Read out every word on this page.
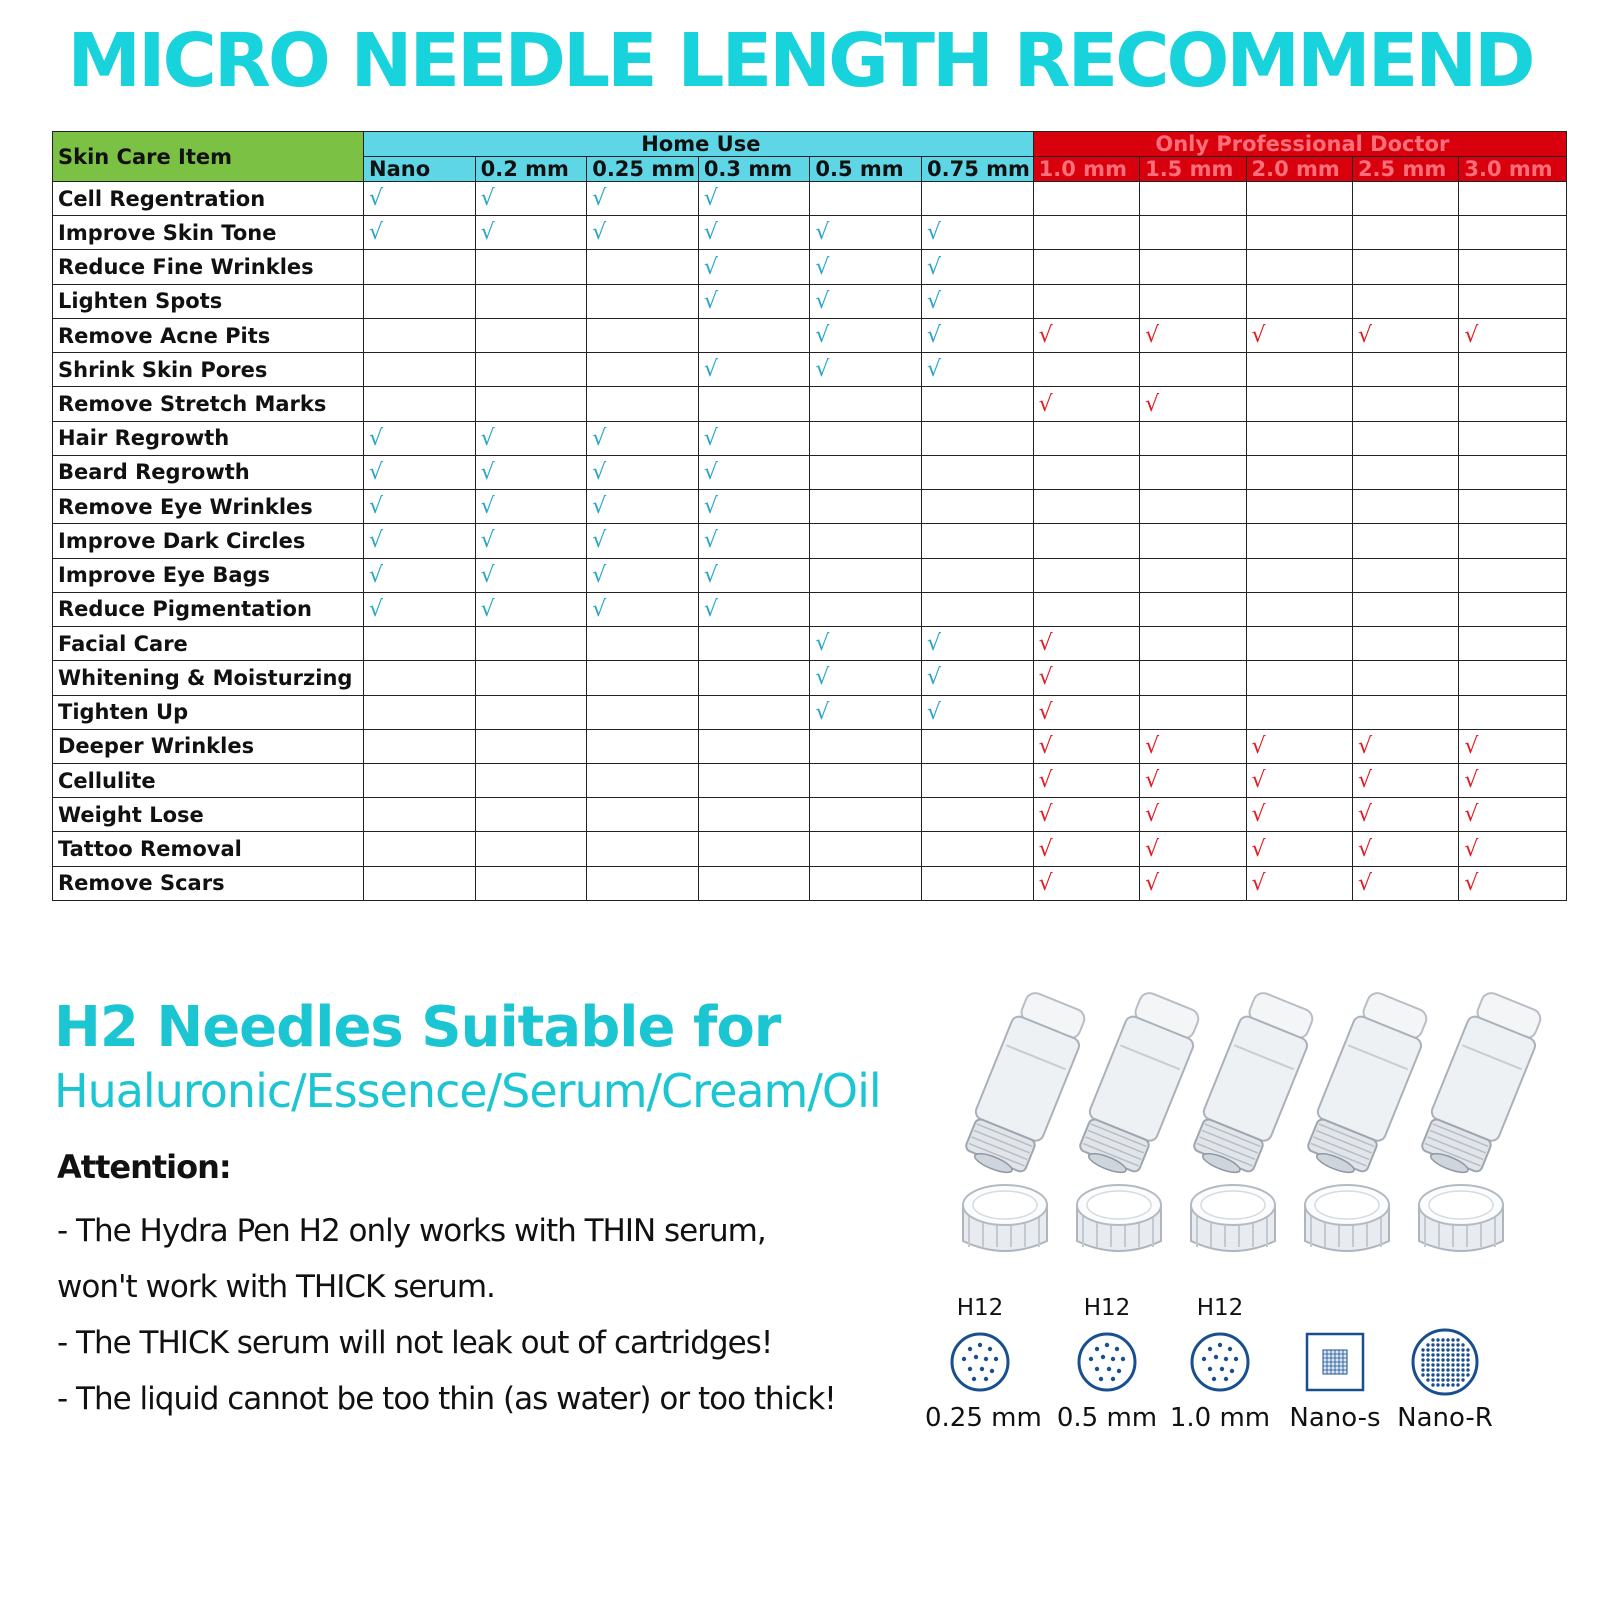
MICRO NEEDLE LENGTH RECOMMEND
Skin Care Item	Home Use						Only Professional Doctor				
	Nano	0.2 mm	0.25 mm	0.3 mm	0.5 mm	0.75 mm	1.0 mm	1.5 mm	2.0 mm	2.5 mm	3.0 mm
Cell Regentration	√	√	√	√							
Improve Skin Tone	√	√	√	√	√	√					
Reduce Fine Wrinkles				√	√	√					
Lighten Spots				√	√	√					
Remove Acne Pits					√	√	√	√	√	√	√
Shrink Skin Pores				√	√	√					
Remove Stretch Marks							√	√			
Hair Regrowth	√	√	√	√							
Beard Regrowth	√	√	√	√							
Remove Eye Wrinkles	√	√	√	√							
Improve Dark Circles	√	√	√	√							
Improve Eye Bags	√	√	√	√							
Reduce Pigmentation	√	√	√	√							
Facial Care					√	√	√				
Whitening & Moisturzing					√	√	√				
Tighten Up					√	√	√				
Deeper Wrinkles							√	√	√	√	√
Cellulite							√	√	√	√	√
Weight Lose							√	√	√	√	√
Tattoo Removal							√	√	√	√	√
Remove Scars							√	√	√	√	√
H2 Needles Suitable for
Hualuronic/Essence/Serum/Cream/Oil
Attention:
- The Hydra Pen H2 only works with THIN serum,
won't work with THICK serum.
- The THICK serum will not leak out of cartridges!
- The liquid cannot be too thin (as water) or too thick!
H12
0.25 mm
H12
0.5 mm
H12
1.0 mm Nano-s Nano-R
